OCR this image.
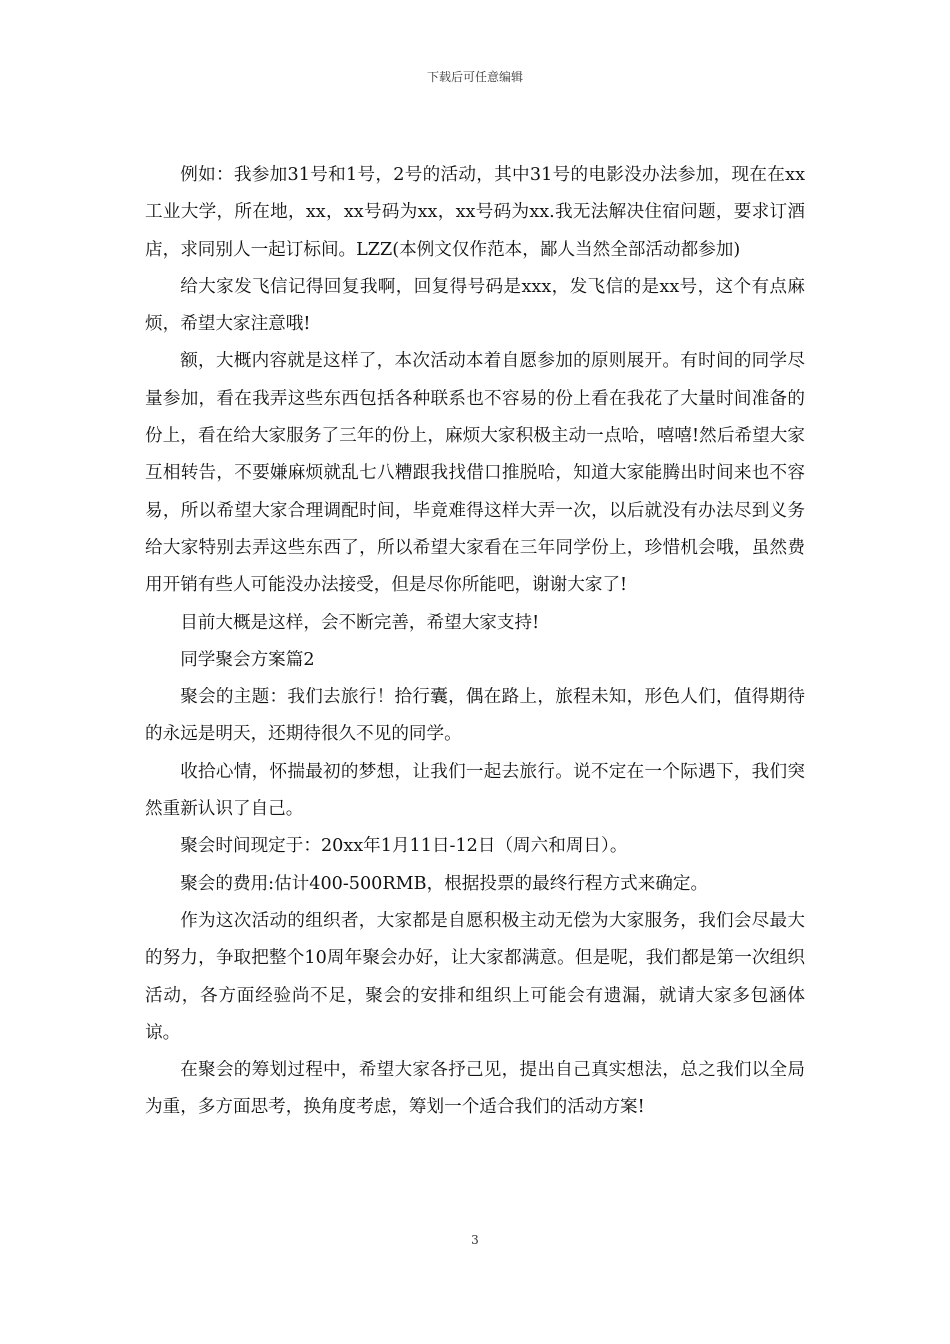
下载后可任意编辑

例如：我参加31号和1号，2号的活动，其中31号的电影没办法参加，现在在xx工业大学，所在地，xx，xx号码为xx，xx号码为xx.我无法解决住宿问题，要求订酒店，求同别人一起订标间。LZZ(本例文仅作范本，鄙人当然全部活动都参加)

给大家发飞信记得回复我啊，回复得号码是xxx，发飞信的是xx号，这个有点麻烦，希望大家注意哦!

额，大概内容就是这样了，本次活动本着自愿参加的原则展开。有时间的同学尽量参加，看在我弄这些东西包括各种联系也不容易的份上看在我花了大量时间准备的份上，看在给大家服务了三年的份上，麻烦大家积极主动一点哈，嘻嘻!然后希望大家互相转告，不要嫌麻烦就乱七八糟跟我找借口推脱哈，知道大家能腾出时间来也不容易，所以希望大家合理调配时间，毕竟难得这样大弄一次，以后就没有办法尽到义务给大家特别去弄这些东西了，所以希望大家看在三年同学份上，珍惜机会哦，虽然费用开销有些人可能没办法接受，但是尽你所能吧，谢谢大家了!

目前大概是这样，会不断完善，希望大家支持!

同学聚会方案篇2

聚会的主题：我们去旅行！拾行囊，偶在路上，旅程未知，形色人们，值得期待的永远是明天，还期待很久不见的同学。

收拾心情，怀揣最初的梦想，让我们一起去旅行。说不定在一个际遇下，我们突然重新认识了自己。

聚会时间现定于：20xx年1月11日-12日（周六和周日）。

聚会的费用:估计400-500RMB，根据投票的最终行程方式来确定。

作为这次活动的组织者，大家都是自愿积极主动无偿为大家服务，我们会尽最大的努力，争取把整个10周年聚会办好，让大家都满意。但是呢，我们都是第一次组织活动，各方面经验尚不足，聚会的安排和组织上可能会有遗漏，就请大家多包涵体谅。

在聚会的筹划过程中，希望大家各抒己见，提出自己真实想法，总之我们以全局为重，多方面思考，换角度考虑，筹划一个适合我们的活动方案!

3
